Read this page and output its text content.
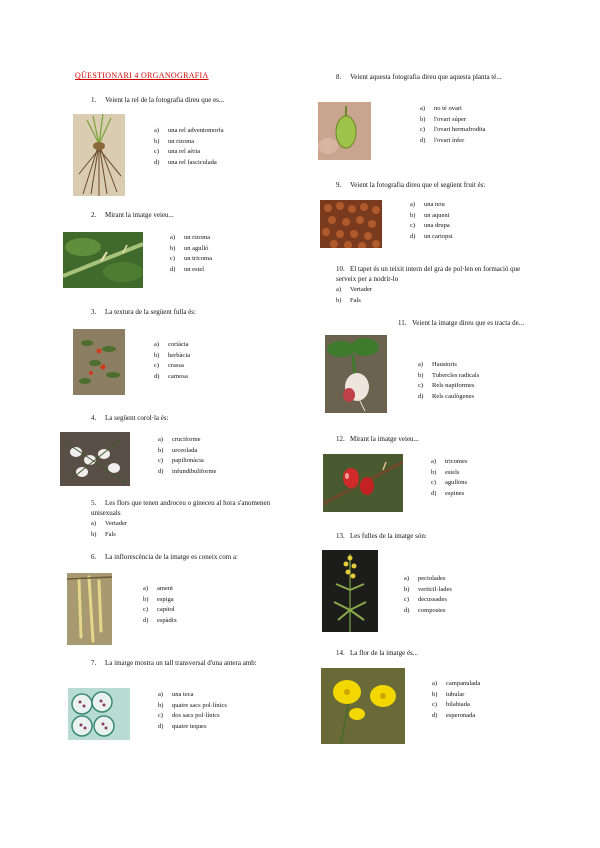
QÜESTIONARI 4 ORGANOGRAFIA
1. Veient la rel de la fotografia direu que es...
a) una rel adventomorfa
b) un rizoma
c) una rel aèria
d) una rel fasciculada
2. Mirant la imatge veieu...
a) un rizoma
b) un agulló
c) un tricoma
d) un estel
3. La textura de la següent fulla és:
a) coriàcia
b) herbàcia
c) crassa
d) carnosa
4. La següent corol·la és:
a) cruciforme
b) urceolada
c) papilionàcia
d) infundibuliforme
5. Les flors que tenen androceu o gineceu al hora s'anomenen unisexuals
a) Vertader
b) Fals
6. La inflorescència de la imatge es coneix com a:
a) ament
b) espiga
c) capítol
d) espàdix
7. La imatge mostra un tall transversal d'una antera amb:
a) una teca
b) quatre sacs pol·línics
c) dos sacs pol·línics
d) quatre teques
8. Veient aquesta fotografia direu que aquesta planta té...
a) no té ovari
b) l'ovari súper
c) l'ovari hermafrodita
d) l'ovari ínfer
9. Veient la fotografia direu que el següent fruit és:
a) una nou
b) un aqueni
c) una drupa
d) un cariopsi
10. El tapet és un teixit intern del gra de pol·len en formació que serveix per a nodrir-lo
a) Vertader
b) Fals
11. Veient la imatge direu que es tracta de...
a) Haustoris
b) Tubercles radicals
c) Rels napiformes
d) Rels caulògenes
12. Mirant la imatge veieu...
a) tricomes
b) estels
c) agullons
d) espines
13. Les fulles de la imatge són:
a) peciolades
b) verticil·lades
c) decussades
d) compostes
14. La flor de la imatge és...
a) campanulada
b) tubular
c) bilabiada
d) esperonada
